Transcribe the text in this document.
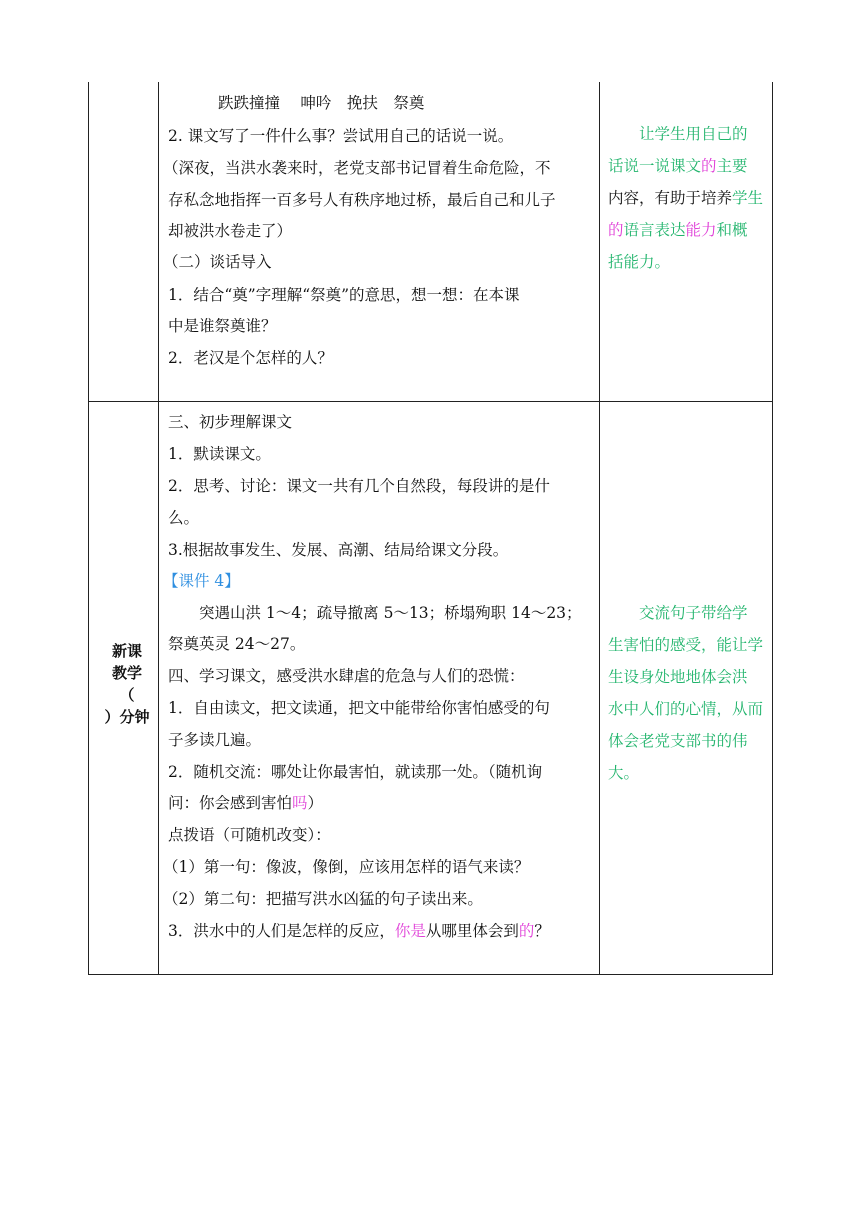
跌跌撞撞　 呻吟　挽扶　祭奠
2. 课文写了一件什么事？尝试用自己的话说一说。
（深夜，当洪水袭来时，老党支部书记冒着生命危险，不
存私念地指挥一百多号人有秩序地过桥，最后自己和儿子
却被洪水卷走了）
（二）谈话导入
1．结合“奠”字理解“祭奠”的意思，想一想：在本课
中是谁祭奠谁？
2．老汉是个怎样的人？

　　让学生用自己的

话说一说课文的主要

内容，有助于培养学生

的语言表达能力和概

括能力。

新课
教学
（
）分钟
三、初步理解课文
1．默读课文。
2．思考、讨论：课文一共有几个自然段，每段讲的是什
么。
3.根据故事发生、发展、高潮、结局给课文分段。
【课件 4】
　　突遇山洪 1～4；疏导撤离 5～13；桥塌殉职 14～23；
祭奠英灵 24～27。
四、学习课文，感受洪水肆虐的危急与人们的恐慌：
1．自由读文，把文读通，把文中能带给你害怕感受的句
子多读几遍。
2．随机交流：哪处让你最害怕，就读那一处。（随机询
问：你会感到害怕吗）
点拨语（可随机改变）：
（1）第一句：像波，像倒，应该用怎样的语气来读？
（2）第二句：把描写洪水凶猛的句子读出来。
3．洪水中的人们是怎样的反应，你是从哪里体会到的？

　　交流句子带给学

生害怕的感受，能让学

生设身处地地体会洪

水中人们的心情，从而

体会老党支部书的伟

大。
